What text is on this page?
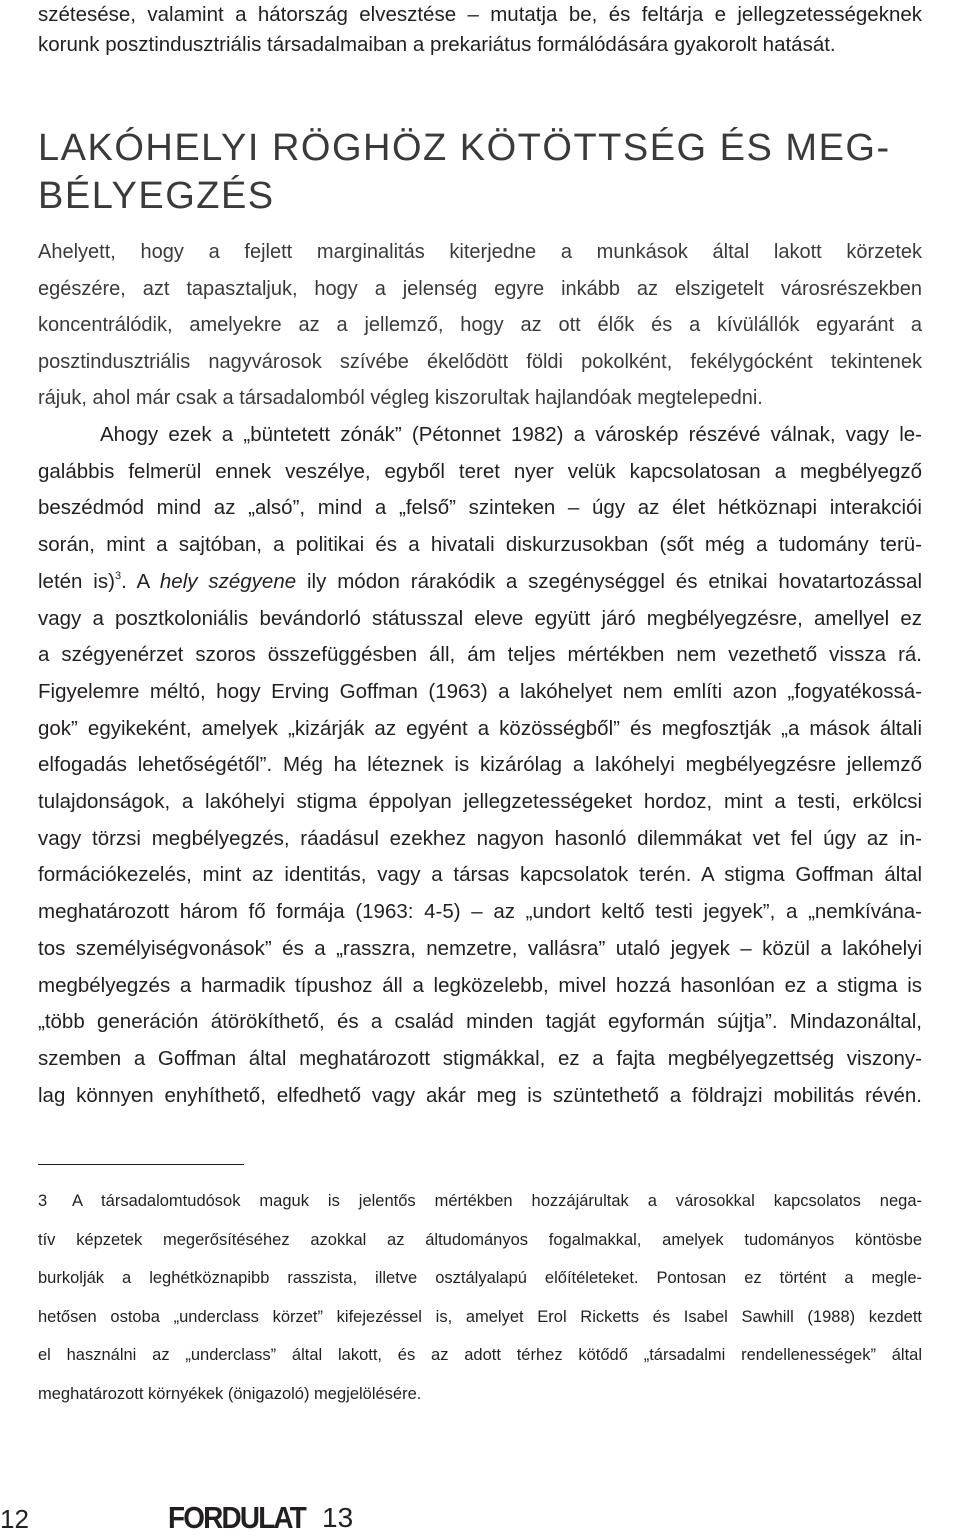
szétesése, valamint a hátország elvesztése – mutatja be, és feltárja e jellegzetességeknek
korunk posztindusztriális társadalmaiban a prekariátus formálódására gyakorolt hatását.
LAKÓHELYI RÖGHÖZ KÖTÖTTSÉG ÉS MEG-
BÉLYEGZÉS
Ahelyett, hogy a fejlett marginalitás kiterjedne a munkások által lakott körzetek
egészére, azt tapasztaljuk, hogy a jelenség egyre inkább az elszigetelt városrészekben
koncentrálódik, amelyekre az a jellemző, hogy az ott élők és a kívülállók egyaránt a
posztindusztriális nagyvárosok szívébe ékelődött földi pokolként, fekélygócként tekintenek
rájuk, ahol már csak a társadalomból végleg kiszorultak hajlandóak megtelepedni.
Ahogy ezek a „büntetett zónák” (Pétonnet 1982) a városkép részévé válnak, vagy le-
galábbis felmerül ennek veszélye, egyből teret nyer velük kapcsolatosan a megbélyegző
beszédmód mind az „alsó”, mind a „felső” szinteken – úgy az élet hétköznapi interakciói
során, mint a sajtóban, a politikai és a hivatali diskurzusokban (sőt még a tudomány terü-
letén is)$^3$. A hely szégyene ily módon rárakódik a szegénységgel és etnikai hovatartozással
vagy a posztkoloniális bevándorló státusszal eleve együtt járó megbélyegzésre, amellyel ez
a szégyenérzet szoros összefüggésben áll, ám teljes mértékben nem vezethető vissza rá.
Figyelemre méltó, hogy Erving Goffman (1963) a lakóhelyet nem említi azon „fogyatékossá-
gok” egyikeként, amelyek „kizárják az egyént a közösségből” és megfosztják „a mások általi
elfogadás lehetőségétől”. Még ha léteznek is kizárólag a lakóhelyi megbélyegzésre jellemző
tulajdonságok, a lakóhelyi stigma éppolyan jellegzetességeket hordoz, mint a testi, erkölcsi
vagy törzsi megbélyegzés, ráadásul ezekhez nagyon hasonló dilemmákat vet fel úgy az in-
formációkezelés, mint az identitás, vagy a társas kapcsolatok terén. A stigma Goffman által
meghatározott három fő formája (1963: 4-5) – az „undort keltő testi jegyek”, a „nemkívána-
tos személyiségvonások” és a „rasszra, nemzetre, vallásra” utaló jegyek – közül a lakóhelyi
megbélyegzés a harmadik típushoz áll a legközelebb, mivel hozzá hasonlóan ez a stigma is
„több generáción átörökíthető, és a család minden tagját egyformán sújtja”. Mindazonáltal,
szemben a Goffman által meghatározott stigmákkal, ez a fajta megbélyegzettség viszony-
lag könnyen enyhíthető, elfedhető vagy akár meg is szüntethető a földrajzi mobilitás révén.
3 A társadalomtudósok maguk is jelentős mértékben hozzájárultak a városokkal kapcsolatos nega-
tív képzetek megerősítéséhez azokkal az áltudományos fogalmakkal, amelyek tudományos köntösbe
burkolják a leghétköznapibb rasszista, illetve osztályalapú előítéleteket. Pontosan ez történt a megle-
hetősen ostoba „underclass körzet” kifejezéssel is, amelyet Erol Ricketts és Isabel Sawhill (1988) kezdett
el használni az „underclass” által lakott, és az adott térhez kötődő „társadalmi rendellenességek” által
meghatározott környékek (önigazoló) megjelölésére.
12	FORDULAT 13
